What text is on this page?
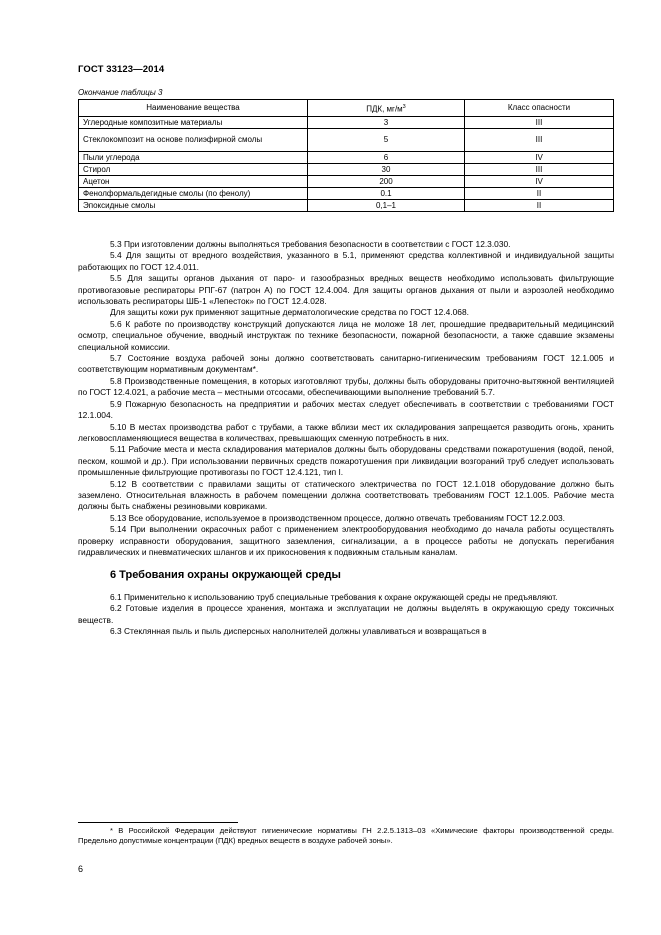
ГОСТ 33123—2014
Окончание таблицы 3
Наименование вещества	ПДК, $мг/м^3$	Класс опасности
Углеродные композитные материалы	3	III
Стеклокомпозит на основе полиэфирной смолы	5	III
Пыли углерода	6	IV
Стирол	30	III
Ацетон	200	IV
Фенолформальдегидные смолы (по фенолу)	0.1	II
Эпоксидные смолы	0,1–1	II

5.3 При изготовлении должны выполняться требования безопасности в соответствии с ГОСТ 12.3.030.

5.4 Для защиты от вредного воздействия, указанного в 5.1, применяют средства коллективной и индивидуальной защиты работающих по ГОСТ 12.4.011.

5.5 Для защиты органов дыхания от паро- и газообразных вредных веществ необходимо использовать фильтрующие противогазовые респираторы РПГ-67 (патрон А) по ГОСТ 12.4.004. Для защиты органов дыхания от пыли и аэрозолей необходимо использовать респираторы ШБ-1 «Лепесток» по ГОСТ 12.4.028.

Для защиты кожи рук применяют защитные дерматологические средства по ГОСТ 12.4.068.

5.6 К работе по производству конструкций допускаются лица не моложе 18 лет, прошедшие предварительный медицинский осмотр, специальное обучение, вводный инструктаж по технике безопасности, пожарной безопасности, а также сдавшие экзамены специальной комиссии.

5.7 Состояние воздуха рабочей зоны должно соответствовать санитарно-гигиеническим требованиям ГОСТ 12.1.005 и соответствующим нормативным документам*.

5.8 Производственные помещения, в которых изготовляют трубы, должны быть оборудованы приточно-вытяжной вентиляцией по ГОСТ 12.4.021, а рабочие места – местными отсосами, обеспечивающими выполнение требований 5.7.

5.9 Пожарную безопасность на предприятии и рабочих местах следует обеспечивать в соответствии с требованиями ГОСТ 12.1.004.

5.10 В местах производства работ с трубами, а также вблизи мест их складирования запрещается разводить огонь, хранить легковоспламеняющиеся вещества в количествах, превышающих сменную потребность в них.

5.11 Рабочие места и места складирования материалов должны быть оборудованы средствами пожаротушения (водой, пеной, песком, кошмой и др.). При использовании первичных средств пожаротушения при ликвидации возгораний труб следует использовать промышленные фильтрующие противогазы по ГОСТ 12.4.121, тип I.

5.12 В соответствии с правилами защиты от статического электричества по ГОСТ 12.1.018 оборудование должно быть заземлено. Относительная влажность в рабочем помещении должна соответствовать требованиям ГОСТ 12.1.005. Рабочие места должны быть снабжены резиновыми ковриками.

5.13 Все оборудование, используемое в производственном процессе, должно отвечать требованиям ГОСТ 12.2.003.

5.14 При выполнении окрасочных работ с применением электрооборудования необходимо до начала работы осуществлять проверку исправности оборудования, защитного заземления, сигнализации, а в процессе работы не допускать перегибания гидравлических и пневматических шлангов и их прикосновения к подвижным стальным каналам.

6 Требования охраны окружающей среды

6.1 Применительно к использованию труб специальные требования к охране окружающей среды не предъявляют.

6.2 Готовые изделия в процессе хранения, монтажа и эксплуатации не должны выделять в окружающую среду токсичных веществ.

6.3 Стеклянная пыль и пыль дисперсных наполнителей должны улавливаться и возвращаться в

* В Российской Федерации действуют гигиенические нормативы ГН 2.2.5.1313–03 «Химические факторы производственной среды. Предельно допустимые концентрации (ПДК) вредных веществ в воздухе рабочей зоны».
6
